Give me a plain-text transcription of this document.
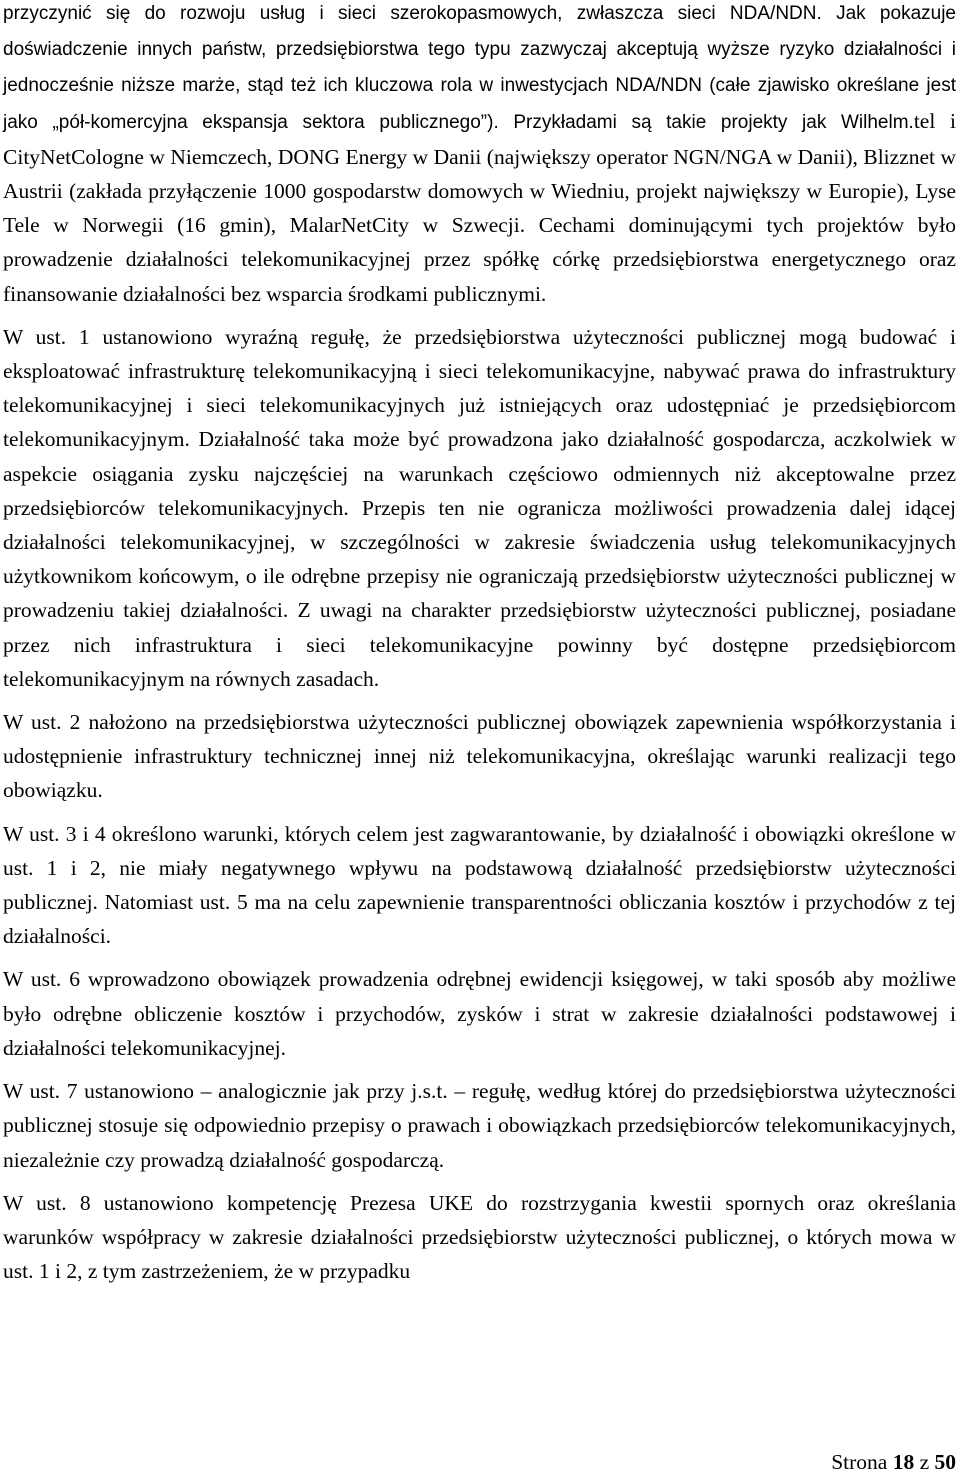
przyczynić się do rozwoju usług i sieci szerokopasmowych, zwłaszcza sieci NDA/NDN. Jak pokazuje doświadczenie innych państw, przedsiębiorstwa tego typu zazwyczaj akceptują wyższe ryzyko działalności i jednocześnie niższe marże, stąd też ich kluczowa rola w inwestycjach NDA/NDN (całe zjawisko określane jest jako „pół-komercyjna ekspansja sektora publicznego”). Przykładami są takie projekty jak Wilhelm.tel i CityNetCologne w Niemczech, DONG Energy w Danii (największy operator NGN/NGA w Danii), Blizznet w Austrii (zakłada przyłączenie 1000 gospodarstw domowych w Wiedniu, projekt największy w Europie), Lyse Tele w Norwegii (16 gmin), MalarNetCity w Szwecji. Cechami dominującymi tych projektów było prowadzenie działalności telekomunikacyjnej przez spółkę córkę przedsiębiorstwa energetycznego oraz finansowanie działalności bez wsparcia środkami publicznymi.

W ust. 1 ustanowiono wyraźną regułę, że przedsiębiorstwa użyteczności publicznej mogą budować i eksploatować infrastrukturę telekomunikacyjną i sieci telekomunikacyjne, nabywać prawa do infrastruktury telekomunikacyjnej i sieci telekomunikacyjnych już istniejących oraz udostępniać je przedsiębiorcom telekomunikacyjnym. Działalność taka może być prowadzona jako działalność gospodarcza, aczkolwiek w aspekcie osiągania zysku najczęściej na warunkach częściowo odmiennych niż akceptowalne przez przedsiębiorców telekomunikacyjnych. Przepis ten nie ogranicza możliwości prowadzenia dalej idącej działalności telekomunikacyjnej, w szczególności w zakresie świadczenia usług telekomunikacyjnych użytkownikom końcowym, o ile odrębne przepisy nie ograniczają przedsiębiorstw użyteczności publicznej w prowadzeniu takiej działalności. Z uwagi na charakter przedsiębiorstw użyteczności publicznej, posiadane przez nich infrastruktura i sieci telekomunikacyjne powinny być dostępne przedsiębiorcom telekomunikacyjnym na równych zasadach.

W ust. 2 nałożono na przedsiębiorstwa użyteczności publicznej obowiązek zapewnienia współkorzystania i udostępnienie infrastruktury technicznej innej niż telekomunikacyjna, określając warunki realizacji tego obowiązku.

W ust. 3 i 4 określono warunki, których celem jest zagwarantowanie, by działalność i obowiązki określone w ust. 1 i 2, nie miały negatywnego wpływu na podstawową działalność przedsiębiorstw użyteczności publicznej. Natomiast ust. 5 ma na celu zapewnienie transparentności obliczania kosztów i przychodów z tej działalności.

W ust. 6 wprowadzono obowiązek prowadzenia odrębnej ewidencji księgowej, w taki sposób aby możliwe było odrębne obliczenie kosztów i przychodów, zysków i strat w zakresie działalności podstawowej i działalności telekomunikacyjnej.

W ust. 7 ustanowiono – analogicznie jak przy j.s.t. – regułę, według której do przedsiębiorstwa użyteczności publicznej stosuje się odpowiednio przepisy o prawach i obowiązkach przedsiębiorców telekomunikacyjnych, niezależnie czy prowadzą działalność gospodarczą.

W ust. 8 ustanowiono kompetencję Prezesa UKE do rozstrzygania kwestii spornych oraz określania warunków współpracy w zakresie działalności przedsiębiorstw użyteczności publicznej, o których mowa w ust. 1 i 2, z tym zastrzeżeniem, że w przypadku

Strona 18 z 50
